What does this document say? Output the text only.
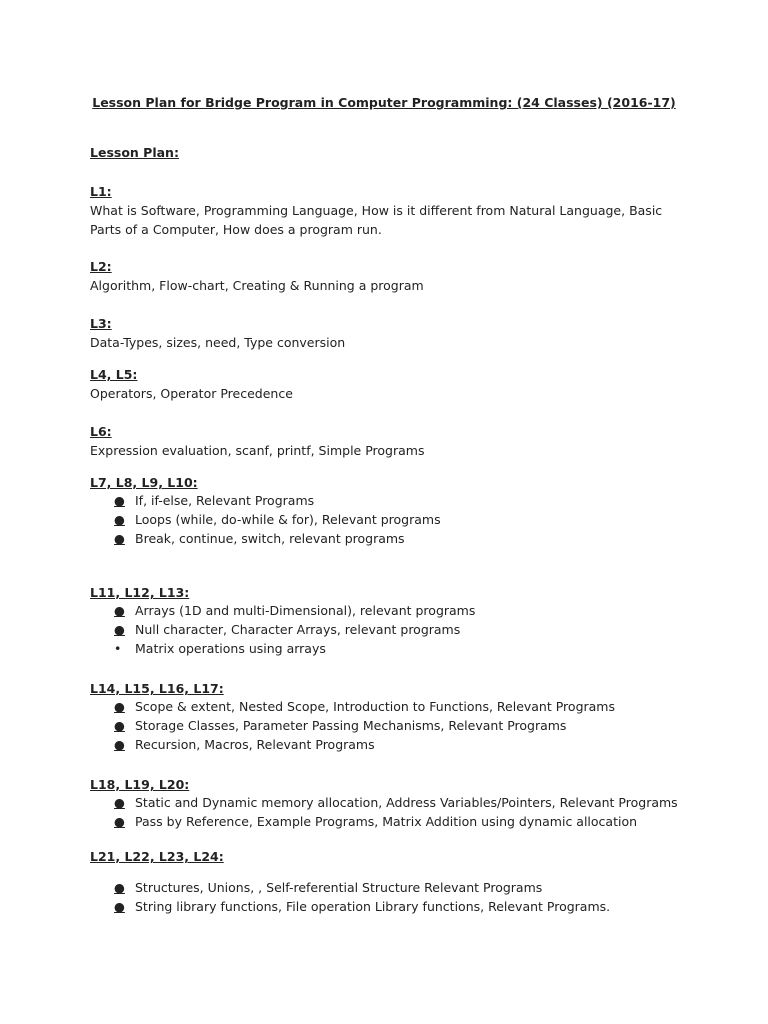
Lesson Plan for Bridge Program in Computer Programming: (24 Classes) (2016-17)
Lesson Plan:

L1:

What is Software, Programming Language, How is it different from Natural Language, Basic Parts of a Computer, How does a program run.

L2:

Algorithm, Flow-chart, Creating & Running a program

L3:

Data-Types, sizes, need, Type conversion

L4, L5:

Operators, Operator Precedence

L6:

Expression evaluation, scanf, printf, Simple Programs

L7, L8, L9, L10:

● If, if-else, Relevant Programs
● Loops (while, do-while & for), Relevant programs
● Break, continue, switch, relevant programs

L11, L12, L13:

● Arrays (1D and multi-Dimensional), relevant programs
● Null character, Character Arrays, relevant programs
•	Matrix operations using arrays

L14, L15, L16, L17:

● Scope & extent, Nested Scope, Introduction to Functions, Relevant Programs
● Storage Classes, Parameter Passing Mechanisms, Relevant Programs
● Recursion, Macros, Relevant Programs

L18, L19, L20:

● Static and Dynamic memory allocation, Address Variables/Pointers, Relevant Programs
● Pass by Reference, Example Programs, Matrix Addition using dynamic allocation

L21, L22, L23, L24:

● Structures, Unions, , Self-referential Structure Relevant Programs
● String library functions, File operation Library functions, Relevant Programs.
